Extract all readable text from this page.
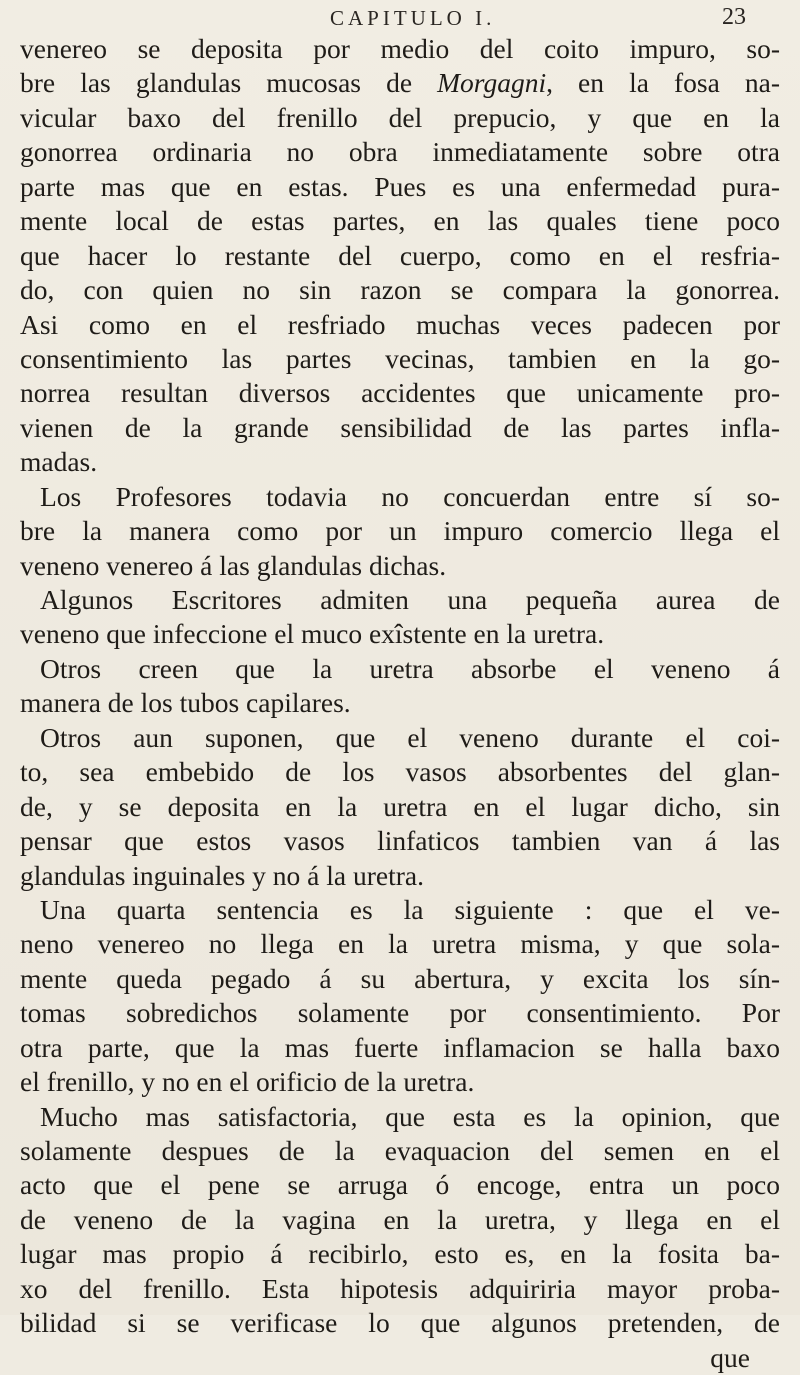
CAPITULO I.	23
venereo se deposita por medio del coito impuro, so-
bre las glandulas mucosas de Morgagni, en la fosa na-
vicular baxo del frenillo del prepucio, y que en la
gonorrea ordinaria no obra inmediatamente sobre otra
parte mas que en estas. Pues es una enfermedad pura-
mente local de estas partes, en las quales tiene poco
que hacer lo restante del cuerpo, como en el resfria-
do, con quien no sin razon se compara la gonorrea.
Asi como en el resfriado muchas veces padecen por
consentimiento las partes vecinas, tambien en la go-
norrea resultan diversos accidentes que unicamente pro-
vienen de la grande sensibilidad de las partes infla-
madas.
Los Profesores todavia no concuerdan entre sí so-
bre la manera como por un impuro comercio llega el
veneno venereo á las glandulas dichas.
Algunos Escritores admiten una pequeña aurea de
veneno que infeccione el muco exîstente en la uretra.
Otros creen que la uretra absorbe el veneno á
manera de los tubos capilares.
Otros aun suponen, que el veneno durante el coi-
to, sea embebido de los vasos absorbentes del glan-
de, y se deposita en la uretra en el lugar dicho, sin
pensar que estos vasos linfaticos tambien van á las
glandulas inguinales y no á la uretra.
Una quarta sentencia es la siguiente : que el ve-
neno venereo no llega en la uretra misma, y que sola-
mente queda pegado á su abertura, y excita los sín-
tomas sobredichos solamente por consentimiento. Por
otra parte, que la mas fuerte inflamacion se halla baxo
el frenillo, y no en el orificio de la uretra.
Mucho mas satisfactoria, que esta es la opinion, que
solamente despues de la evaquacion del semen en el
acto que el pene se arruga ó encoge, entra un poco
de veneno de la vagina en la uretra, y llega en el
lugar mas propio á recibirlo, esto es, en la fosita ba-
xo del frenillo. Esta hipotesis adquiriria mayor proba-
bilidad si se verificase lo que algunos pretenden, de
que
